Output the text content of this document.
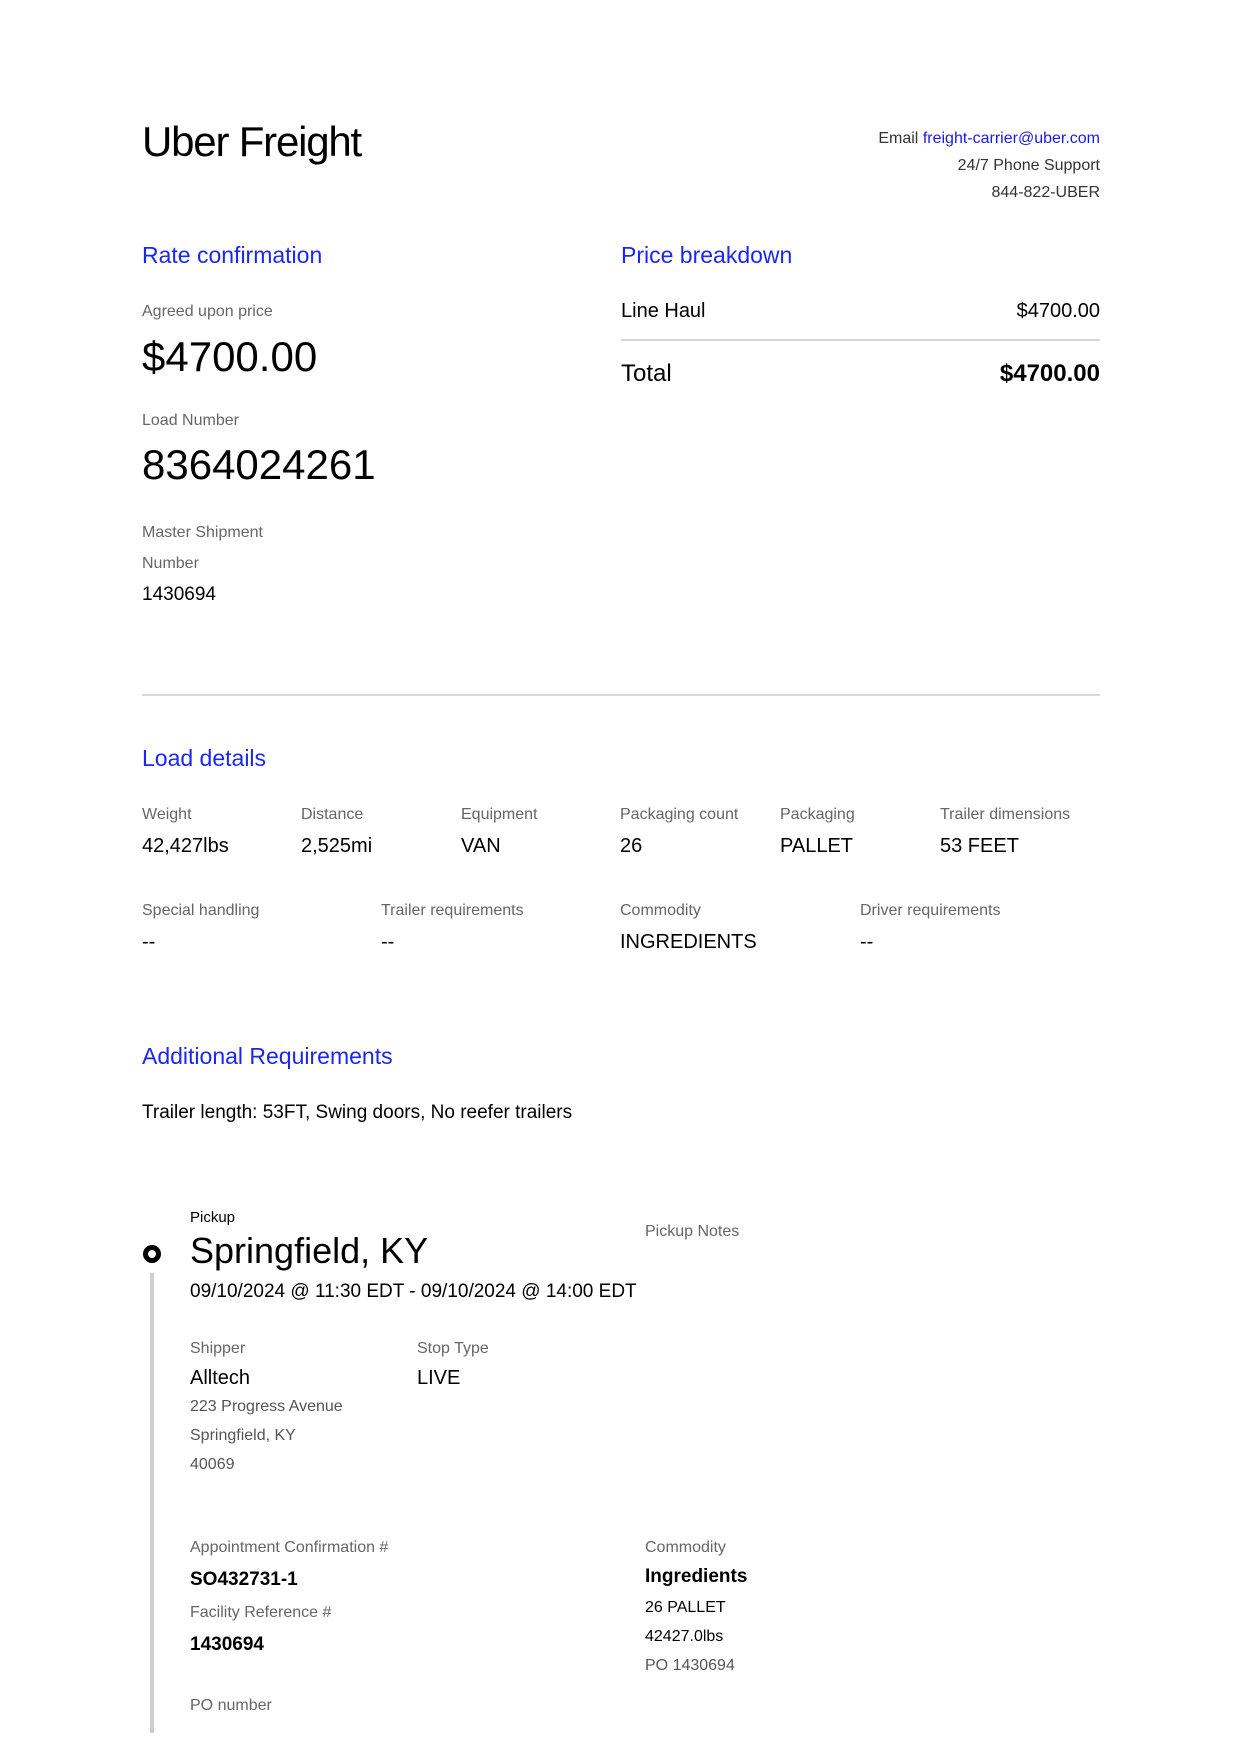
Uber Freight	Email freight-carrier@uber.com
24/7 Phone Support
844-822-UBER
Rate confirmation
Agreed upon price
$4700.00
Load Number
8364024261
Master Shipment
Number
1430694
Price breakdown
Line Haul	$4700.00
Total	$4700.00
Load details
Weight
42,427lbs
Distance
2,525mi
Equipment
VAN
Packaging count
26
Packaging
PALLET
Trailer dimensions
53 FEET
Special handling
--
Trailer requirements
--
Commodity
INGREDIENTS
Driver requirements
--
Additional Requirements
Trailer length: 53FT, Swing doors, No reefer trailers
Pickup
Springfield, KY
09/10/2024 @ 11:30 EDT - 09/10/2024 @ 14:00 EDT
Pickup Notes
Shipper
Alltech
223 Progress Avenue
Springfield, KY
40069
Stop Type
LIVE
Appointment Confirmation #
SO432731-1
Facility Reference #
1430694
PO number
Commodity
Ingredients
26 PALLET
42427.0lbs
PO 1430694
